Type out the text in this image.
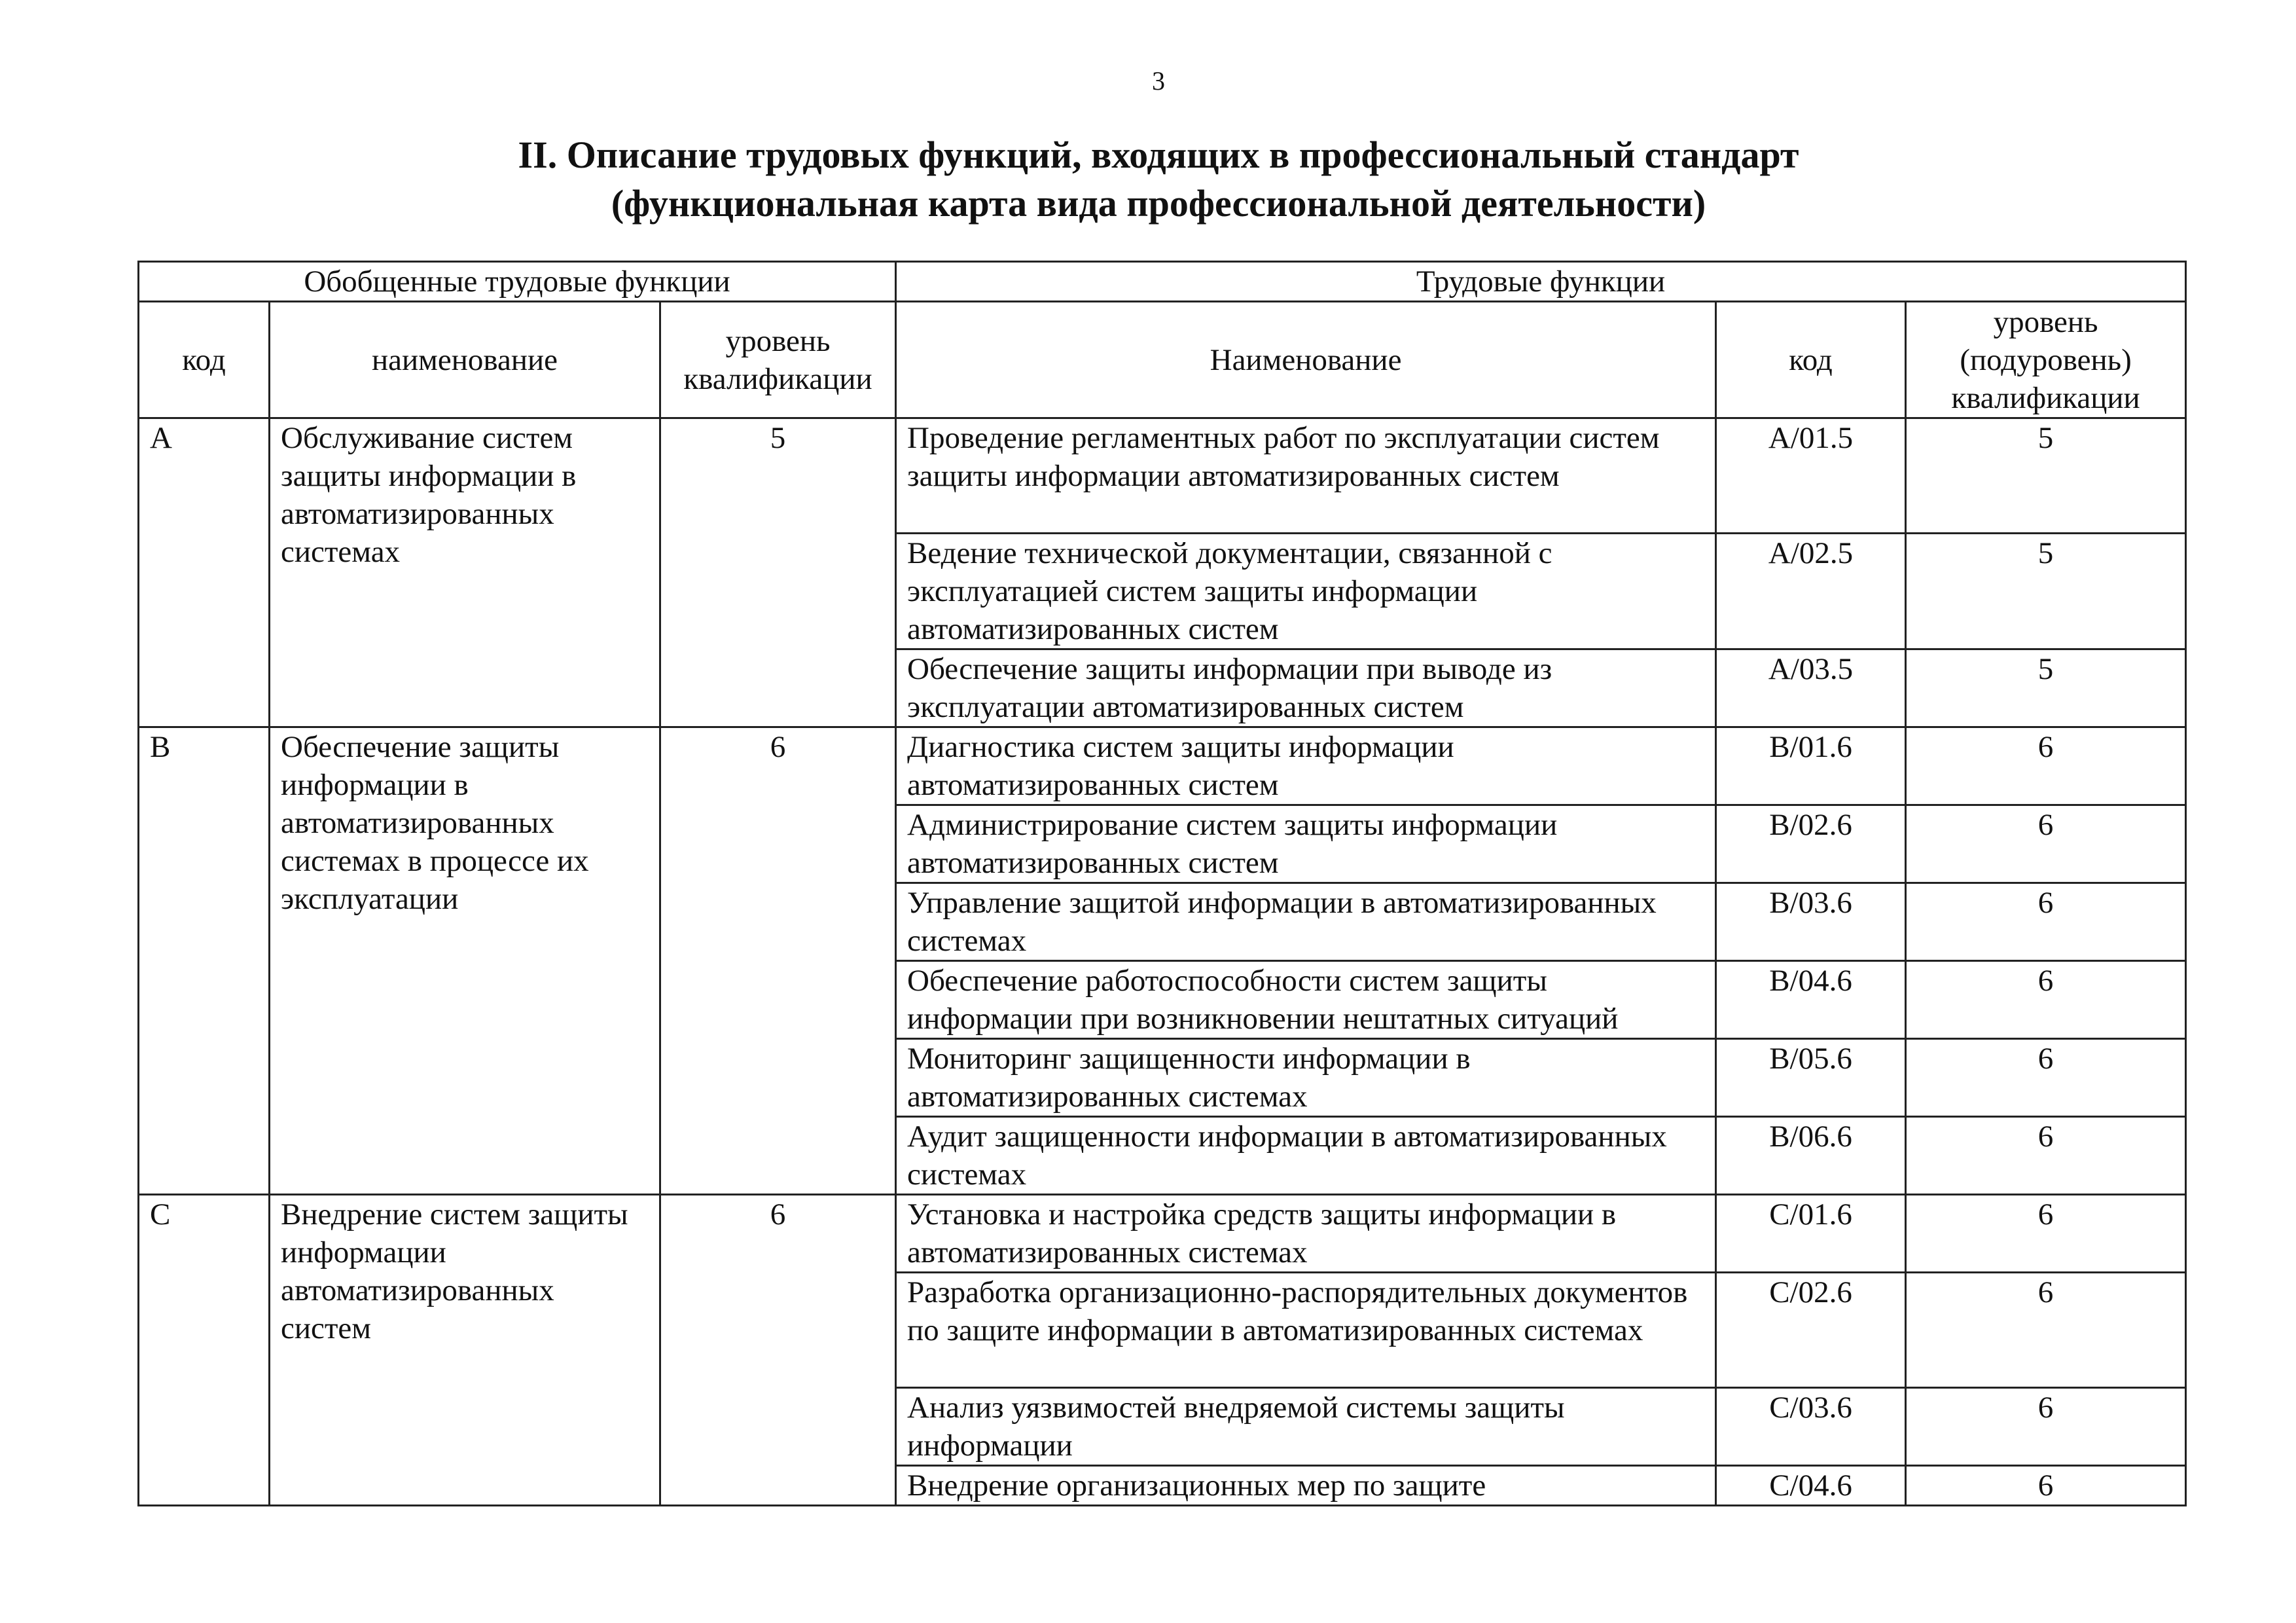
3
II. Описание трудовых функций, входящих в профессиональный стандарт
(функциональная карта вида профессиональной деятельности)
Обобщенные трудовые функции			Трудовые функции		
код	наименование	уровень квалификации	Наименование	код	уровень (подуровень) квалификации
A	Обслуживание систем защиты информации в автоматизированных системах	5	Проведение регламентных работ по эксплуатации систем защиты информации автоматизированных систем	A/01.5	5
			Ведение технической документации, связанной с эксплуатацией систем защиты информации автоматизированных систем	A/02.5	5
			Обеспечение защиты информации при выводе из эксплуатации автоматизированных систем	A/03.5	5
B	Обеспечение защиты информации в автоматизированных системах в процессе их эксплуатации	6	Диагностика систем защиты информации автоматизированных систем	B/01.6	6
			Администрирование систем защиты информации автоматизированных систем	B/02.6	6
			Управление защитой информации в автоматизированных системах	B/03.6	6
			Обеспечение работоспособности систем защиты информации при возникновении нештатных ситуаций	B/04.6	6
			Мониторинг защищенности информации в автоматизированных системах	B/05.6	6
			Аудит защищенности информации в автоматизированных системах	B/06.6	6
C	Внедрение систем защиты информации автоматизированных систем	6	Установка и настройка средств защиты информации в автоматизированных системах	C/01.6	6
			Разработка организационно-распорядительных документов по защите информации в автоматизированных системах	C/02.6	6
			Анализ уязвимостей внедряемой системы защиты информации	C/03.6	6
			Внедрение организационных мер по защите	C/04.6	6
